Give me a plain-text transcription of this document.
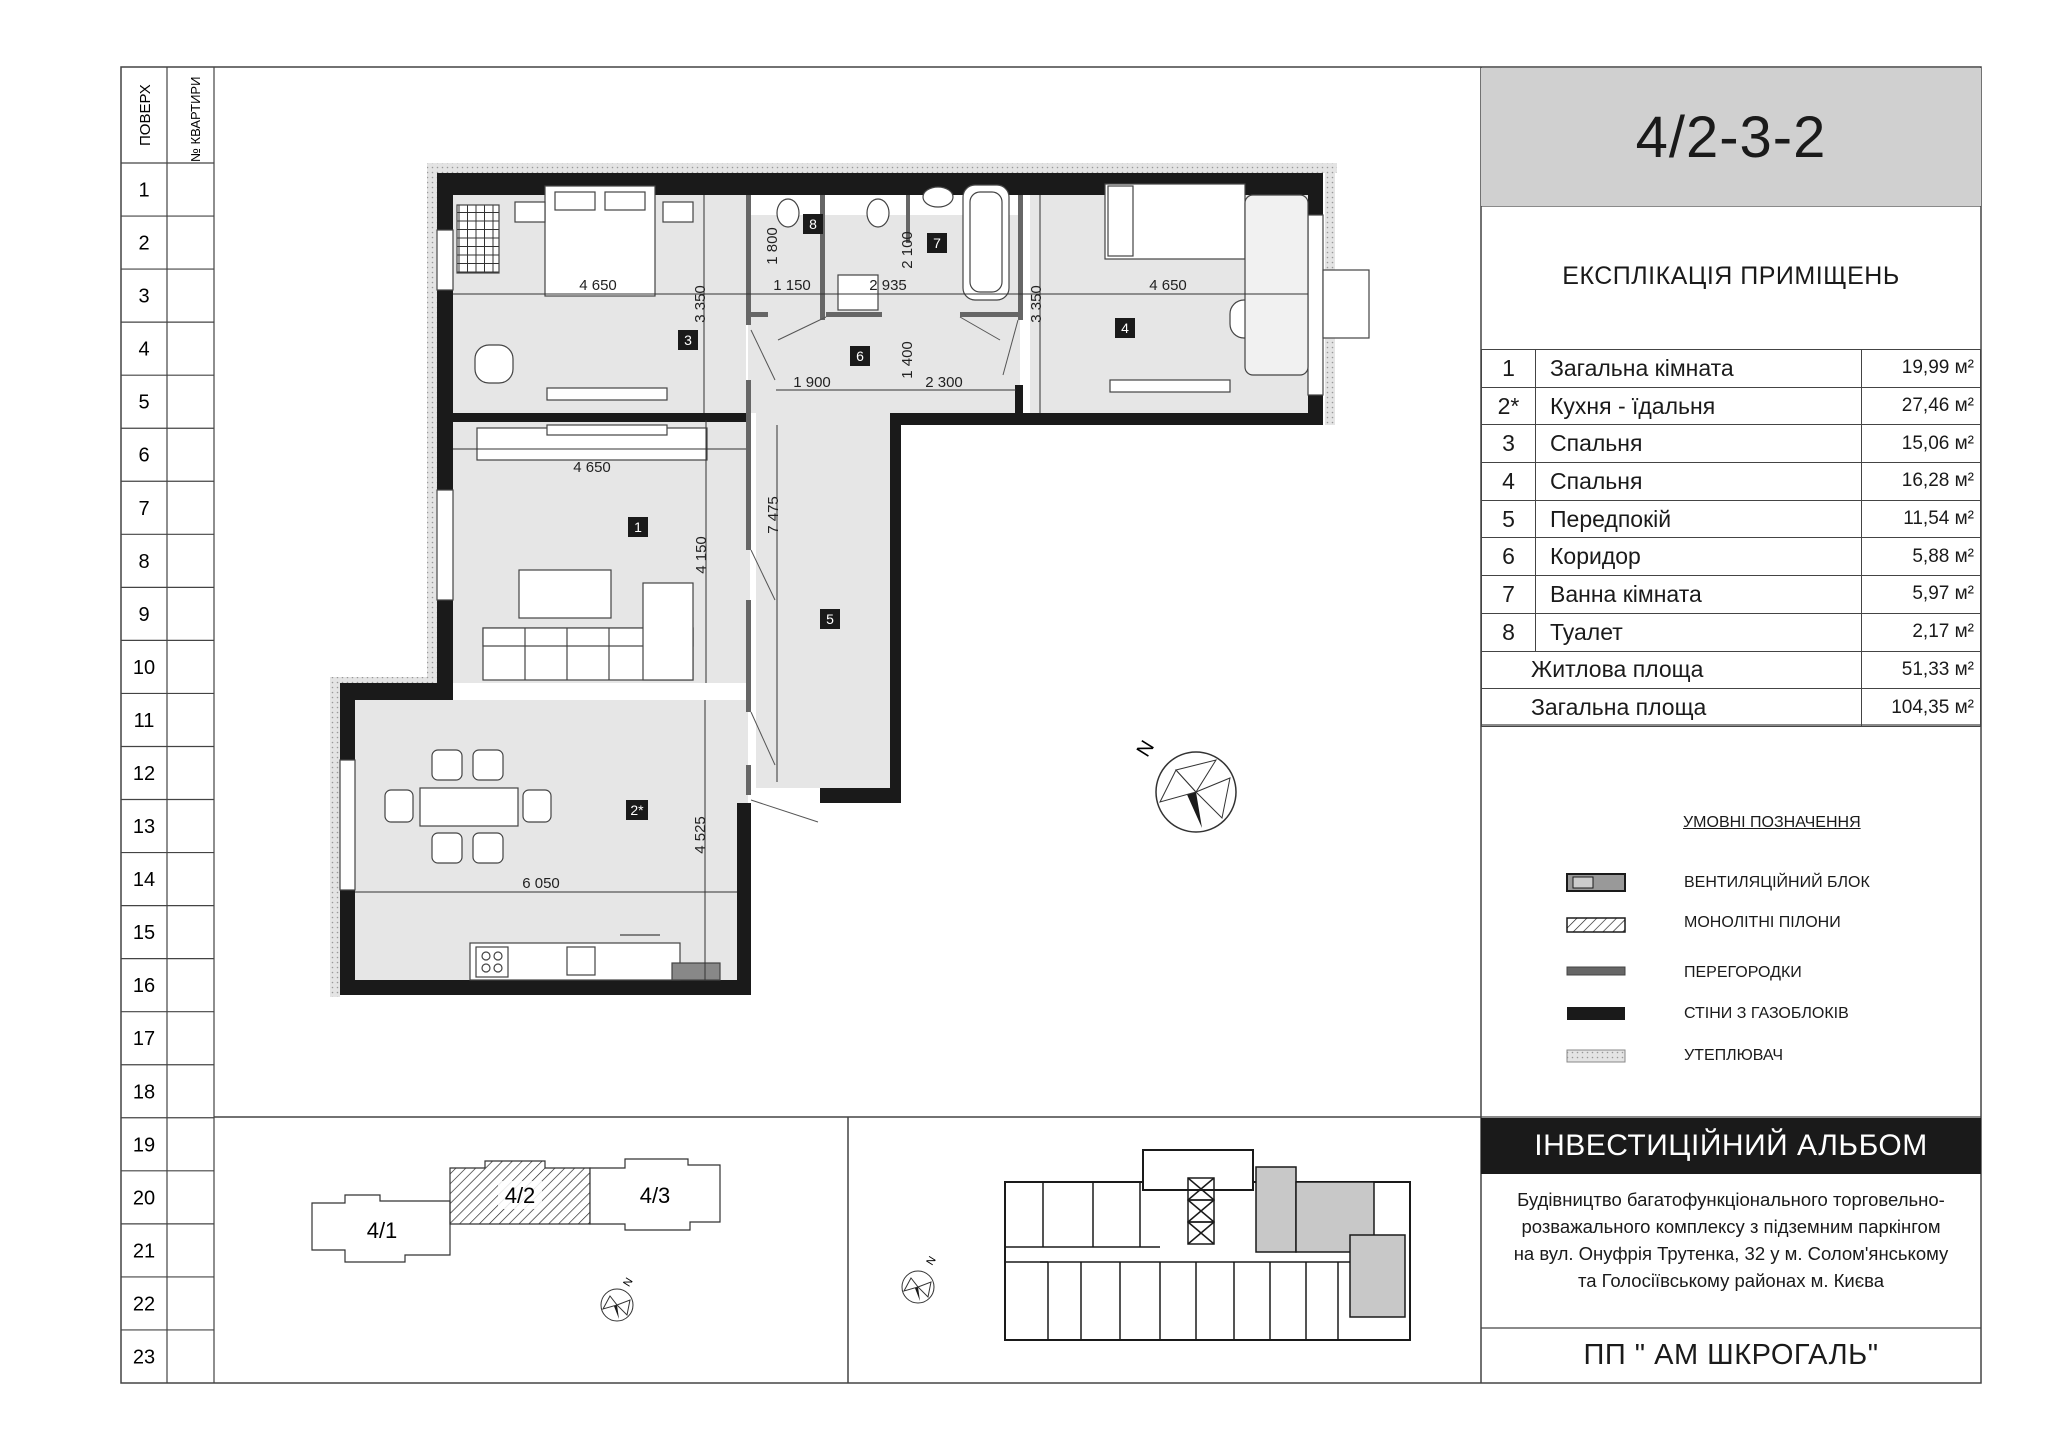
ПОВЕРХ	№ КВАРТИРИ
4 650	3 350
1 800
1 150	2 935
2 100
3 350	4 650
1 900
1 400
2 300
4 650
7 475
4 150
4 525
6 050
1
2*
3
4
5
6
7
8
N
4/1
4/2	4/3
N
N
1
2
3
4
5
6
7
8
9
10
11
12
13
14
15
16
17
18
19
20
21
22
23
4/2-3-2
ЕКСПЛІКАЦІЯ ПРИМІЩЕНЬ
1	Загальна кімната	19,99 м²
2*	Кухня - їдальня	27,46 м²
3	Спальня	15,06 м²
4	Спальня	16,28 м²
5	Передпокій	11,54 м²
6	Коридор	5,88 м²
7	Ванна кімната	5,97 м²
8	Туалет	2,17 м²
Житлова площа		51,33 м²
Загальна площа		104,35 м²
УМОВНІ ПОЗНАЧЕННЯ
ВЕНТИЛЯЦІЙНИЙ БЛОК
МОНОЛІТНІ ПІЛОНИ
ПЕРЕГОРОДКИ
СТІНИ З ГАЗОБЛОКІВ
УТЕПЛЮВАЧ
ІНВЕСТИЦІЙНИЙ АЛЬБОМ
Будівництво багатофункціонального торговельно-
розважального комплексу з підземним паркінгом
на вул. Онуфрія Трутенка, 32 у м. Солом'янському
та Голосіївському районах м. Києва
ПП " АМ ШКРОГАЛЬ"
